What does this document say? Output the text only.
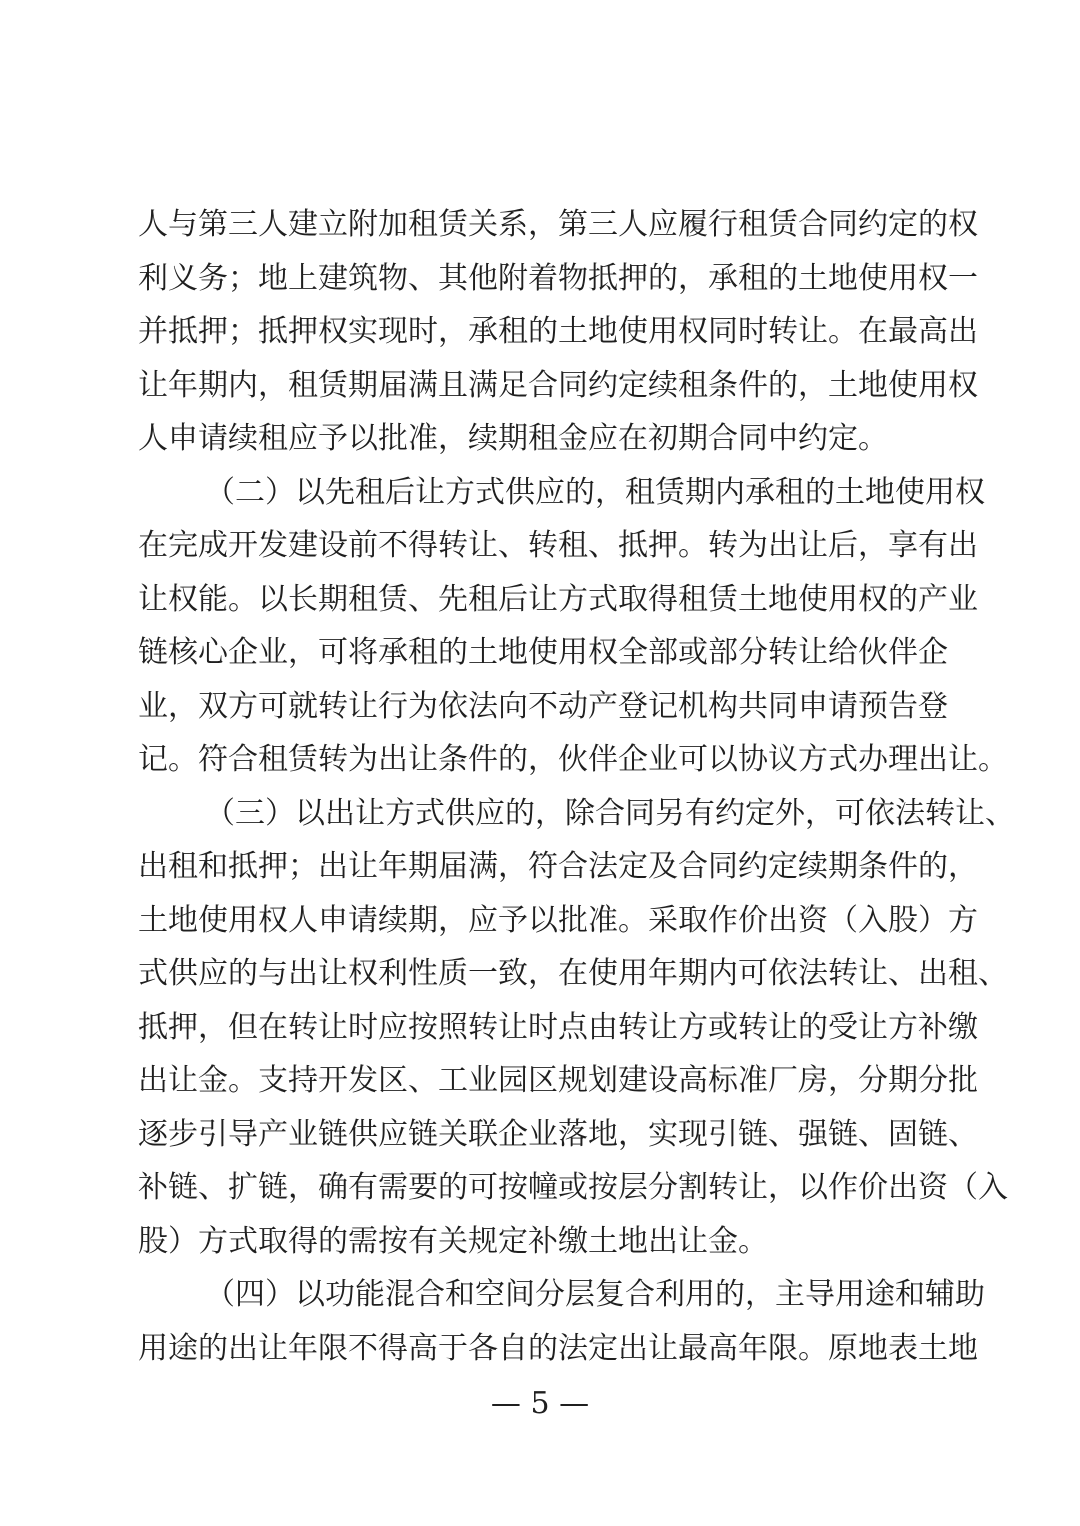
人与第三人建立附加租赁关系，第三人应履行租赁合同约定的权
利义务；地上建筑物、其他附着物抵押的，承租的土地使用权一
并抵押；抵押权实现时，承租的土地使用权同时转让。在最高出
让年期内，租赁期届满且满足合同约定续租条件的，土地使用权
人申请续租应予以批准，续期租金应在初期合同中约定。
（二）以先租后让方式供应的，租赁期内承租的土地使用权
在完成开发建设前不得转让、转租、抵押。转为出让后，享有出
让权能。以长期租赁、先租后让方式取得租赁土地使用权的产业
链核心企业，可将承租的土地使用权全部或部分转让给伙伴企
业，双方可就转让行为依法向不动产登记机构共同申请预告登
记。符合租赁转为出让条件的，伙伴企业可以协议方式办理出让。
（三）以出让方式供应的，除合同另有约定外，可依法转让、
出租和抵押；出让年期届满，符合法定及合同约定续期条件的，
土地使用权人申请续期，应予以批准。采取作价出资（入股）方
式供应的与出让权利性质一致，在使用年期内可依法转让、出租、
抵押，但在转让时应按照转让时点由转让方或转让的受让方补缴
出让金。支持开发区、工业园区规划建设高标准厂房，分期分批
逐步引导产业链供应链关联企业落地，实现引链、强链、固链、
补链、扩链，确有需要的可按幢或按层分割转让，以作价出资（入
股）方式取得的需按有关规定补缴土地出让金。
（四）以功能混合和空间分层复合利用的，主导用途和辅助
用途的出让年限不得高于各自的法定出让最高年限。原地表土地
— 5 —
